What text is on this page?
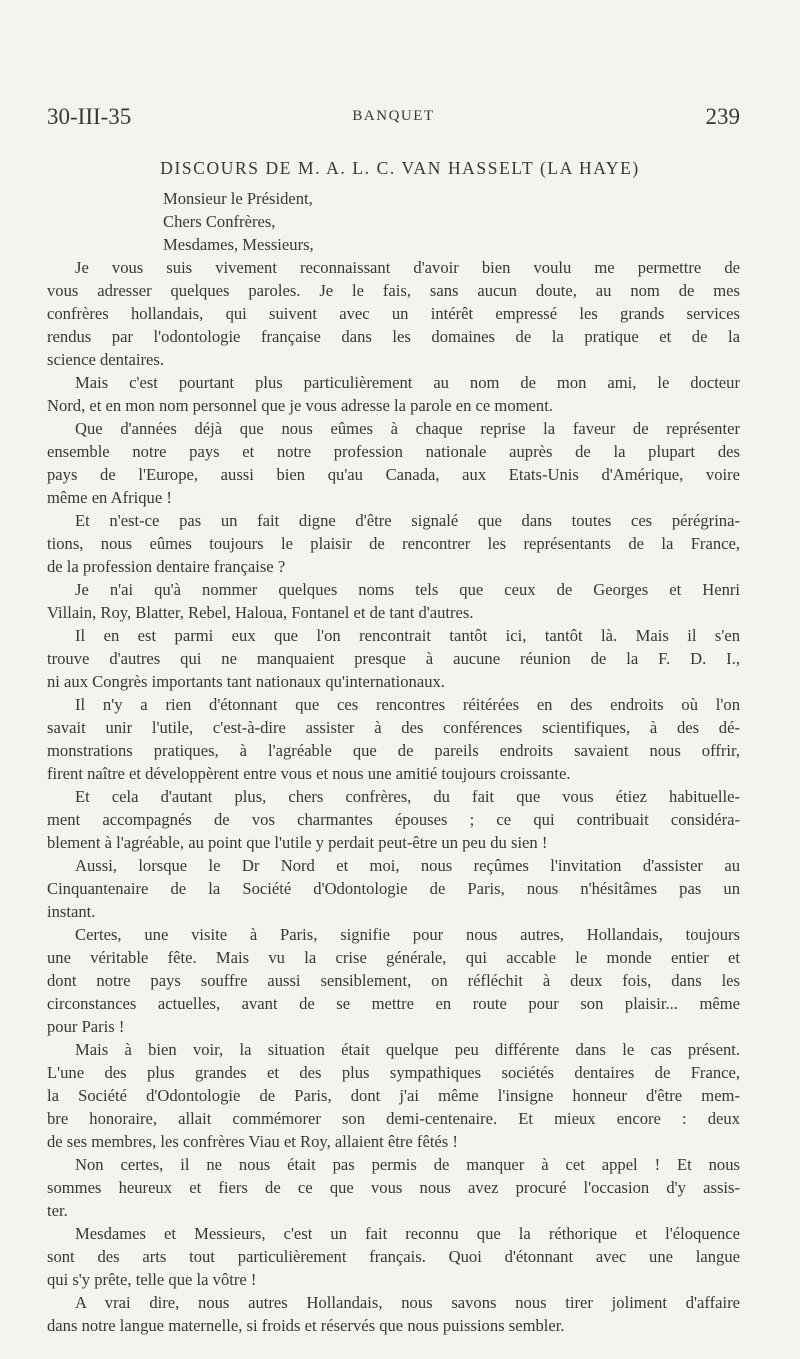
30-III-35	BANQUET	239
DISCOURS DE M. A. L. C. VAN HASSELT (LA HAYE)
Monsieur le Président,
Chers Confrères,
Mesdames, Messieurs,

Je vous suis vivement reconnaissant d'avoir bien voulu me permettre de
vous adresser quelques paroles. Je le fais, sans aucun doute, au nom de mes
confrères hollandais, qui suivent avec un intérêt empressé les grands services
rendus par l'odontologie française dans les domaines de la pratique et de la
science dentaires.

Mais c'est pourtant plus particulièrement au nom de mon ami, le docteur
Nord, et en mon nom personnel que je vous adresse la parole en ce moment.

Que d'années déjà que nous eûmes à chaque reprise la faveur de représenter
ensemble notre pays et notre profession nationale auprès de la plupart des
pays de l'Europe, aussi bien qu'au Canada, aux Etats-Unis d'Amérique, voire
même en Afrique !

Et n'est-ce pas un fait digne d'être signalé que dans toutes ces pérégrina-
tions, nous eûmes toujours le plaisir de rencontrer les représentants de la France,
de la profession dentaire française ?

Je n'ai qu'à nommer quelques noms tels que ceux de Georges et Henri
Villain, Roy, Blatter, Rebel, Haloua, Fontanel et de tant d'autres.

Il en est parmi eux que l'on rencontrait tantôt ici, tantôt là. Mais il s'en
trouve d'autres qui ne manquaient presque à aucune réunion de la F. D. I.,
ni aux Congrès importants tant nationaux qu'internationaux.

Il n'y a rien d'étonnant que ces rencontres réitérées en des endroits où l'on
savait unir l'utile, c'est-à-dire assister à des conférences scientifiques, à des dé-
monstrations pratiques, à l'agréable que de pareils endroits savaient nous offrir,
firent naître et développèrent entre vous et nous une amitié toujours croissante.

Et cela d'autant plus, chers confrères, du fait que vous étiez habituelle-
ment accompagnés de vos charmantes épouses ; ce qui contribuait considéra-
blement à l'agréable, au point que l'utile y perdait peut-être un peu du sien !

Aussi, lorsque le Dr Nord et moi, nous reçûmes l'invitation d'assister au
Cinquantenaire de la Société d'Odontologie de Paris, nous n'hésitâmes pas un
instant.

Certes, une visite à Paris, signifie pour nous autres, Hollandais, toujours
une véritable fête. Mais vu la crise générale, qui accable le monde entier et
dont notre pays souffre aussi sensiblement, on réfléchit à deux fois, dans les
circonstances actuelles, avant de se mettre en route pour son plaisir... même
pour Paris !

Mais à bien voir, la situation était quelque peu différente dans le cas présent.
L'une des plus grandes et des plus sympathiques sociétés dentaires de France,
la Société d'Odontologie de Paris, dont j'ai même l'insigne honneur d'être mem-
bre honoraire, allait commémorer son demi-centenaire. Et mieux encore : deux
de ses membres, les confrères Viau et Roy, allaient être fêtés !

Non certes, il ne nous était pas permis de manquer à cet appel ! Et nous
sommes heureux et fiers de ce que vous nous avez procuré l'occasion d'y assis-
ter.

Mesdames et Messieurs, c'est un fait reconnu que la réthorique et l'éloquence
sont des arts tout particulièrement français. Quoi d'étonnant avec une langue
qui s'y prête, telle que la vôtre !

A vrai dire, nous autres Hollandais, nous savons nous tirer joliment d'affaire
dans notre langue maternelle, si froids et réservés que nous puissions sembler.
